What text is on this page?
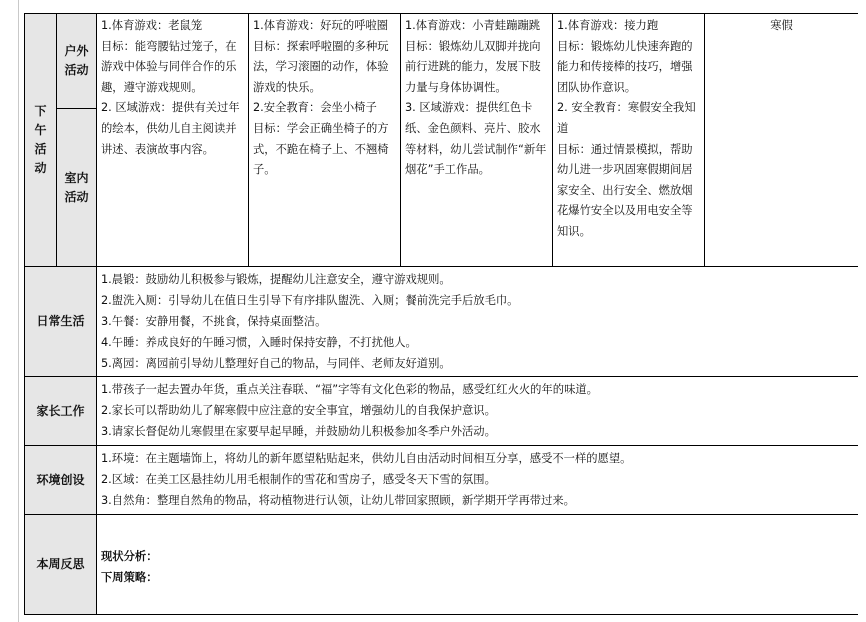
下午活动	户外活动	1.体育游戏：老鼠笼
目标：能弯腰钻过笼子，在游戏中体验与同伴合作的乐趣，遵守游戏规则。
2. 区域游戏：提供有关过年的绘本，供幼儿自主阅读并讲述、表演故事内容。	1.体育游戏：好玩的呼啦圈
目标：探索呼啦圈的多种玩法，学习滚圈的动作，体验游戏的快乐。
2.安全教育：会坐小椅子
目标：学会正确坐椅子的方式，不跪在椅子上、不翘椅子。	1.体育游戏：小青蛙蹦蹦跳
目标：锻炼幼儿双脚并拢向前行进跳的能力，发展下肢力量与身体协调性。
3. 区域游戏：提供红色卡纸、金色颜料、亮片、胶水等材料，幼儿尝试制作“新年烟花”手工作品。	1.体育游戏：接力跑
目标：锻炼幼儿快速奔跑的能力和传接棒的技巧，增强团队协作意识。
2. 安全教育：寒假安全我知道
目标：通过情景模拟，帮助幼儿进一步巩固寒假期间居家安全、出行安全、燃放烟花爆竹安全以及用电安全等知识。	寒假
	室内活动					
日常生活		1.晨锻：鼓励幼儿积极参与锻炼，提醒幼儿注意安全，遵守游戏规则。
2.盥洗入厕：引导幼儿在值日生引导下有序排队盥洗、入厕；餐前洗完手后放毛巾。
3.午餐：安静用餐，不挑食，保持桌面整洁。
4.午睡：养成良好的午睡习惯，入睡时保持安静，不打扰他人。
5.离园：离园前引导幼儿整理好自己的物品，与同伴、老师友好道别。				

家长工作		1.带孩子一起去置办年货，重点关注春联、“福”字等有文化色彩的物品，感受红红火火的年的味道。
2.家长可以帮助幼儿了解寒假中应注意的安全事宜，增强幼儿的自我保护意识。
3.请家长督促幼儿寒假里在家要早起早睡，并鼓励幼儿积极参加冬季户外活动。				

环境创设		1.环境：在主题墙饰上，将幼儿的新年愿望粘贴起来，供幼儿自由活动时间相互分享，感受不一样的愿望。
2.区域：在美工区悬挂幼儿用毛根制作的雪花和雪房子，感受冬天下雪的氛围。
3.自然角：整理自然角的物品，将动植物进行认领，让幼儿带回家照顾，新学期开学再带过来。				

本周反思		现状分析：
下周策略：				
